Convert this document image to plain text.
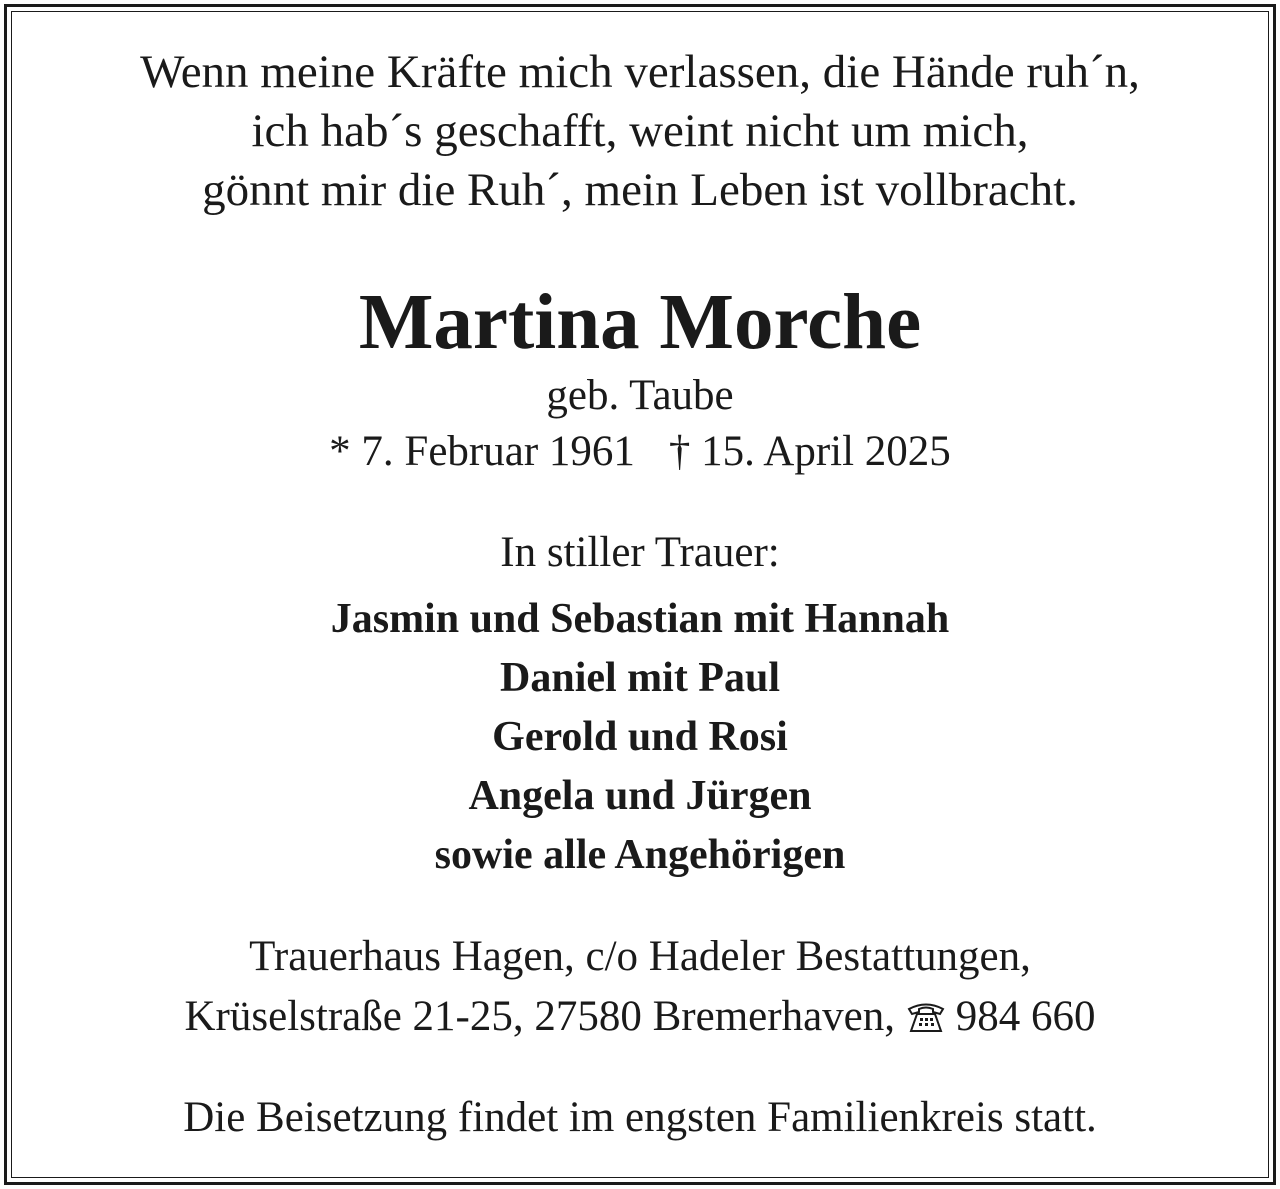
Wenn meine Kräfte mich verlassen, die Hände ruh´n,
ich hab´s geschafft, weint nicht um mich,
gönnt mir die Ruh´, mein Leben ist vollbracht.
Martina Morche
geb. Taube
* 7. Februar 1961 † 15. April 2025
In stiller Trauer:
Jasmin und Sebastian mit Hannah
Daniel mit Paul
Gerold und Rosi
Angela und Jürgen
sowie alle Angehörigen
Trauerhaus Hagen, c/o Hadeler Bestattungen,
Krüselstraße 21-25, 27580 Bremerhaven, 984 660
Die Beisetzung findet im engsten Familienkreis statt.
